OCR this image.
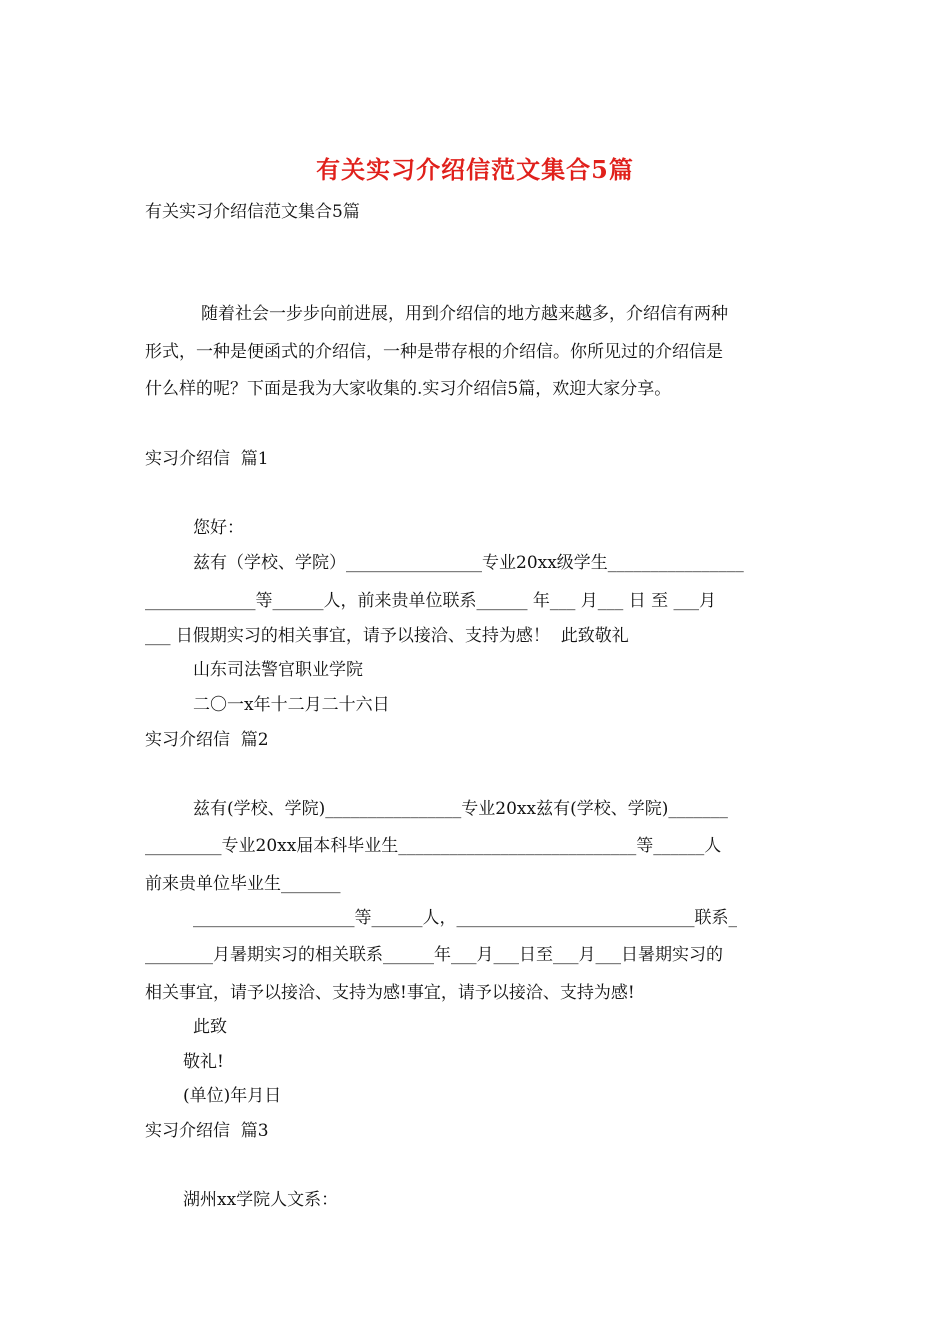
有关实习介绍信范文集合5篇
有关实习介绍信范文集合5篇
随着社会一步步向前进展，用到介绍信的地方越来越多，介绍信有两种
形式，一种是便函式的介绍信，一种是带存根的介绍信。你所见过的介绍信是
什么样的呢？下面是我为大家收集的.实习介绍信5篇，欢迎大家分享。
实习介绍信  篇1
您好：
兹有（学校、学院）________________专业20xx级学生________________
_____________等______人，前来贵单位联系______ 年___ 月___ 日 至 ___月
___ 日假期实习的相关事宜，请予以接洽、支持为感！  此致敬礼
山东司法警官职业学院
二〇一x年十二月二十六日
实习介绍信  篇2
兹有(学校、学院)________________专业20xx兹有(学校、学院)_______
_________专业20xx届本科毕业生____________________________等______人
前来贵单位毕业生_______
___________________等______人，____________________________联系_
________月暑期实习的相关联系______年___月___日至___月___日暑期实习的
相关事宜，请予以接洽、支持为感!事宜，请予以接洽、支持为感!
此致
敬礼!
(单位)年月日
实习介绍信  篇3
湖州xx学院人文系：
